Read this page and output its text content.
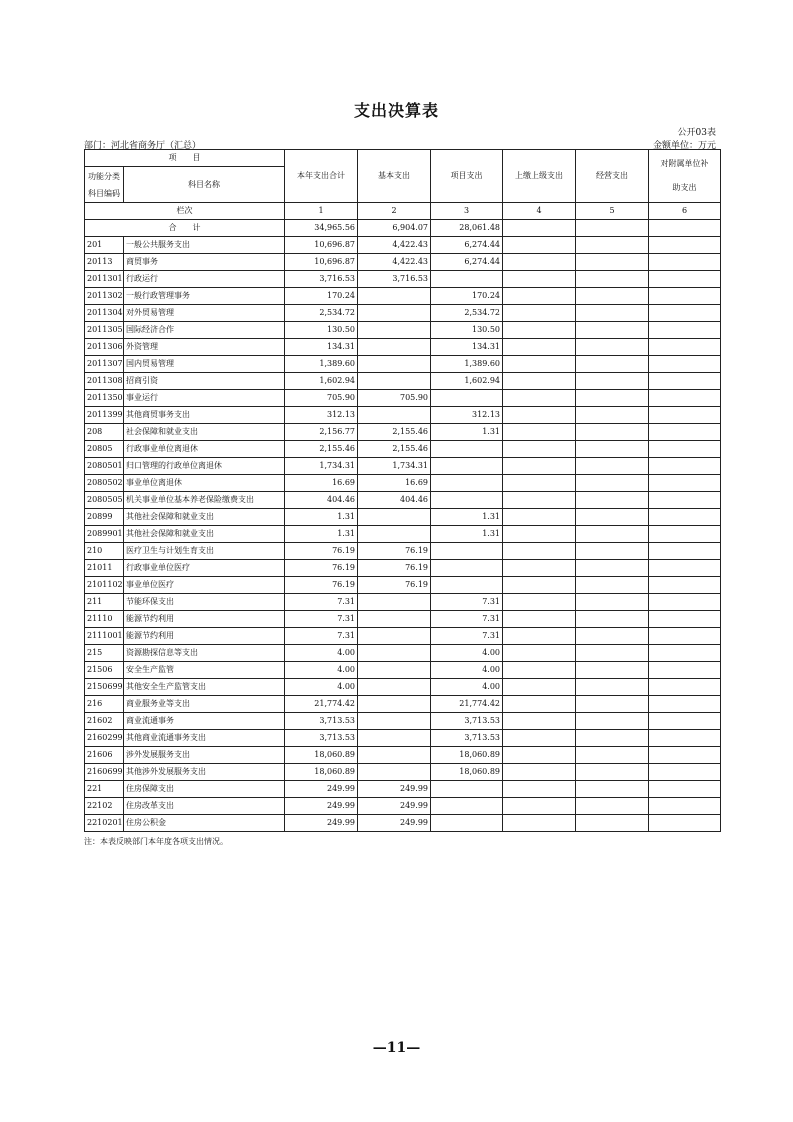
支出决算表
公开03表
部门：河北省商务厅（汇总）	金额单位：万元
项　　目		本年支出合计	基本支出	项目支出	上缴上级支出	经营支出	对附属单位补助支出
功能分类科目编码	科目名称						
栏次		1	2	3	4	5	6
合　　计		34,965.56	6,904.07	28,061.48			
201	一般公共服务支出	10,696.87	4,422.43	6,274.44			
20113	商贸事务	10,696.87	4,422.43	6,274.44			
2011301	行政运行	3,716.53	3,716.53				
2011302	一般行政管理事务	170.24		170.24			
2011304	对外贸易管理	2,534.72		2,534.72			
2011305	国际经济合作	130.50		130.50			
2011306	外资管理	134.31		134.31			
2011307	国内贸易管理	1,389.60		1,389.60			
2011308	招商引资	1,602.94		1,602.94			
2011350	事业运行	705.90	705.90				
2011399	其他商贸事务支出	312.13		312.13			
208	社会保障和就业支出	2,156.77	2,155.46	1.31			
20805	行政事业单位离退休	2,155.46	2,155.46				
2080501	归口管理的行政单位离退休	1,734.31	1,734.31				
2080502	事业单位离退休	16.69	16.69				
2080505	机关事业单位基本养老保险缴费支出	404.46	404.46				
20899	其他社会保障和就业支出	1.31		1.31			
2089901	其他社会保障和就业支出	1.31		1.31			
210	医疗卫生与计划生育支出	76.19	76.19				
21011	行政事业单位医疗	76.19	76.19				
2101102	事业单位医疗	76.19	76.19				
211	节能环保支出	7.31		7.31			
21110	能源节约利用	7.31		7.31			
2111001	能源节约利用	7.31		7.31			
215	资源勘探信息等支出	4.00		4.00			
21506	安全生产监管	4.00		4.00			
2150699	其他安全生产监管支出	4.00		4.00			
216	商业服务业等支出	21,774.42		21,774.42			
21602	商业流通事务	3,713.53		3,713.53			
2160299	其他商业流通事务支出	3,713.53		3,713.53			
21606	涉外发展服务支出	18,060.89		18,060.89			
2160699	其他涉外发展服务支出	18,060.89		18,060.89			
221	住房保障支出	249.99	249.99				
22102	住房改革支出	249.99	249.99				
2210201	住房公积金	249.99	249.99				
注：本表反映部门本年度各项支出情况。
—11—
